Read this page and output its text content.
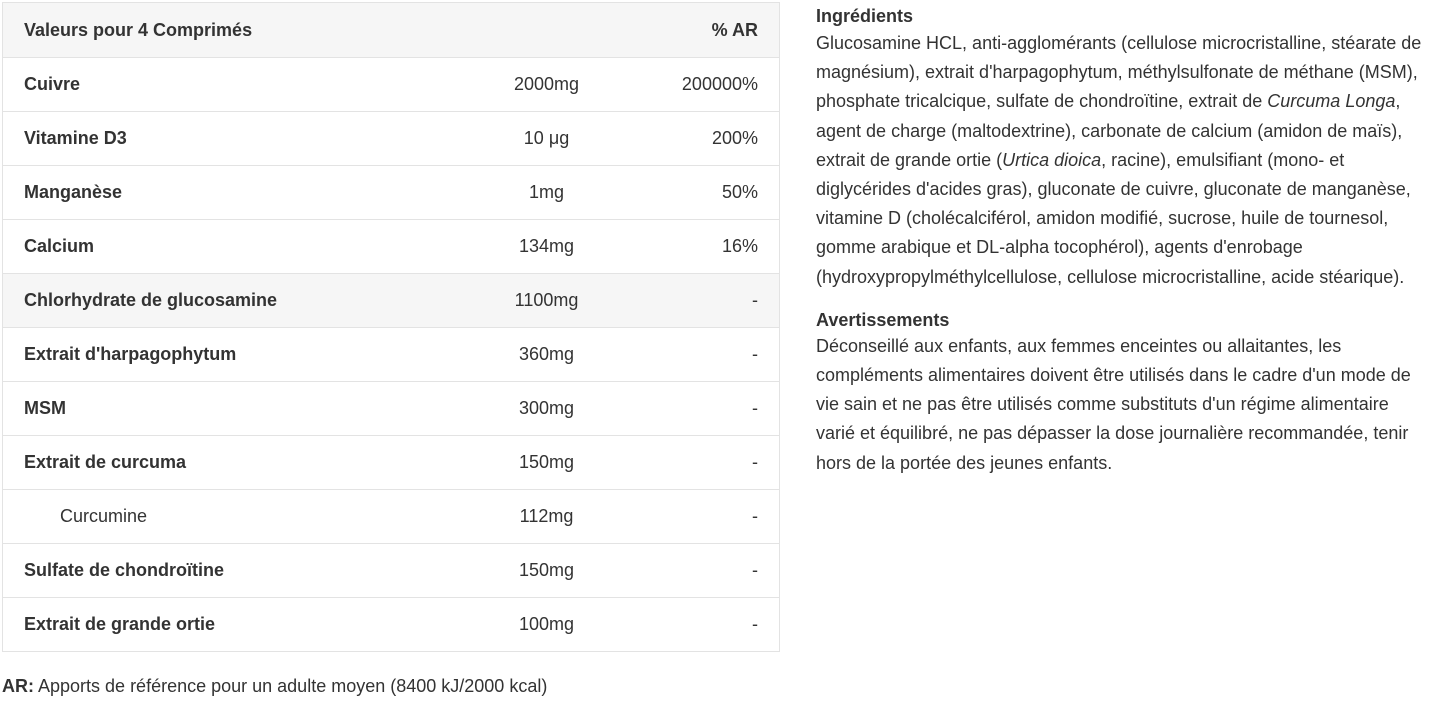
Valeurs pour 4 Comprimés		% AR
Cuivre	2000mg	200000%
Vitamine D3	10 μg	200%
Manganèse	1mg	50%
Calcium	134mg	16%
Chlorhydrate de glucosamine	1100mg	-
Extrait d'harpagophytum	360mg	-
MSM	300mg	-
Extrait de curcuma	150mg	-
Curcumine	112mg	-
Sulfate de chondroïtine	150mg	-
Extrait de grande ortie	100mg	-

AR: Apports de référence pour un adulte moyen (8400 kJ/2000 kcal)

Ingrédients

Glucosamine HCL, anti-agglomérants (cellulose microcristalline, stéarate de magnésium), extrait d'harpagophytum, méthylsulfonate de méthane (MSM), phosphate tricalcique, sulfate de chondroïtine, extrait de Curcuma Longa, agent de charge (maltodextrine), carbonate de calcium (amidon de maïs), extrait de grande ortie (Urtica dioica, racine), emulsifiant (mono- et diglycérides d'acides gras), gluconate de cuivre, gluconate de manganèse, vitamine D (cholécalciférol, amidon modifié, sucrose, huile de tournesol, gomme arabique et DL-alpha tocophérol), agents d'enrobage (hydroxypropylméthylcellulose, cellulose microcristalline, acide stéarique).

Avertissements

Déconseillé aux enfants, aux femmes enceintes ou allaitantes, les compléments alimentaires doivent être utilisés dans le cadre d'un mode de vie sain et ne pas être utilisés comme substituts d'un régime alimentaire varié et équilibré, ne pas dépasser la dose journalière recommandée, tenir hors de la portée des jeunes enfants.
